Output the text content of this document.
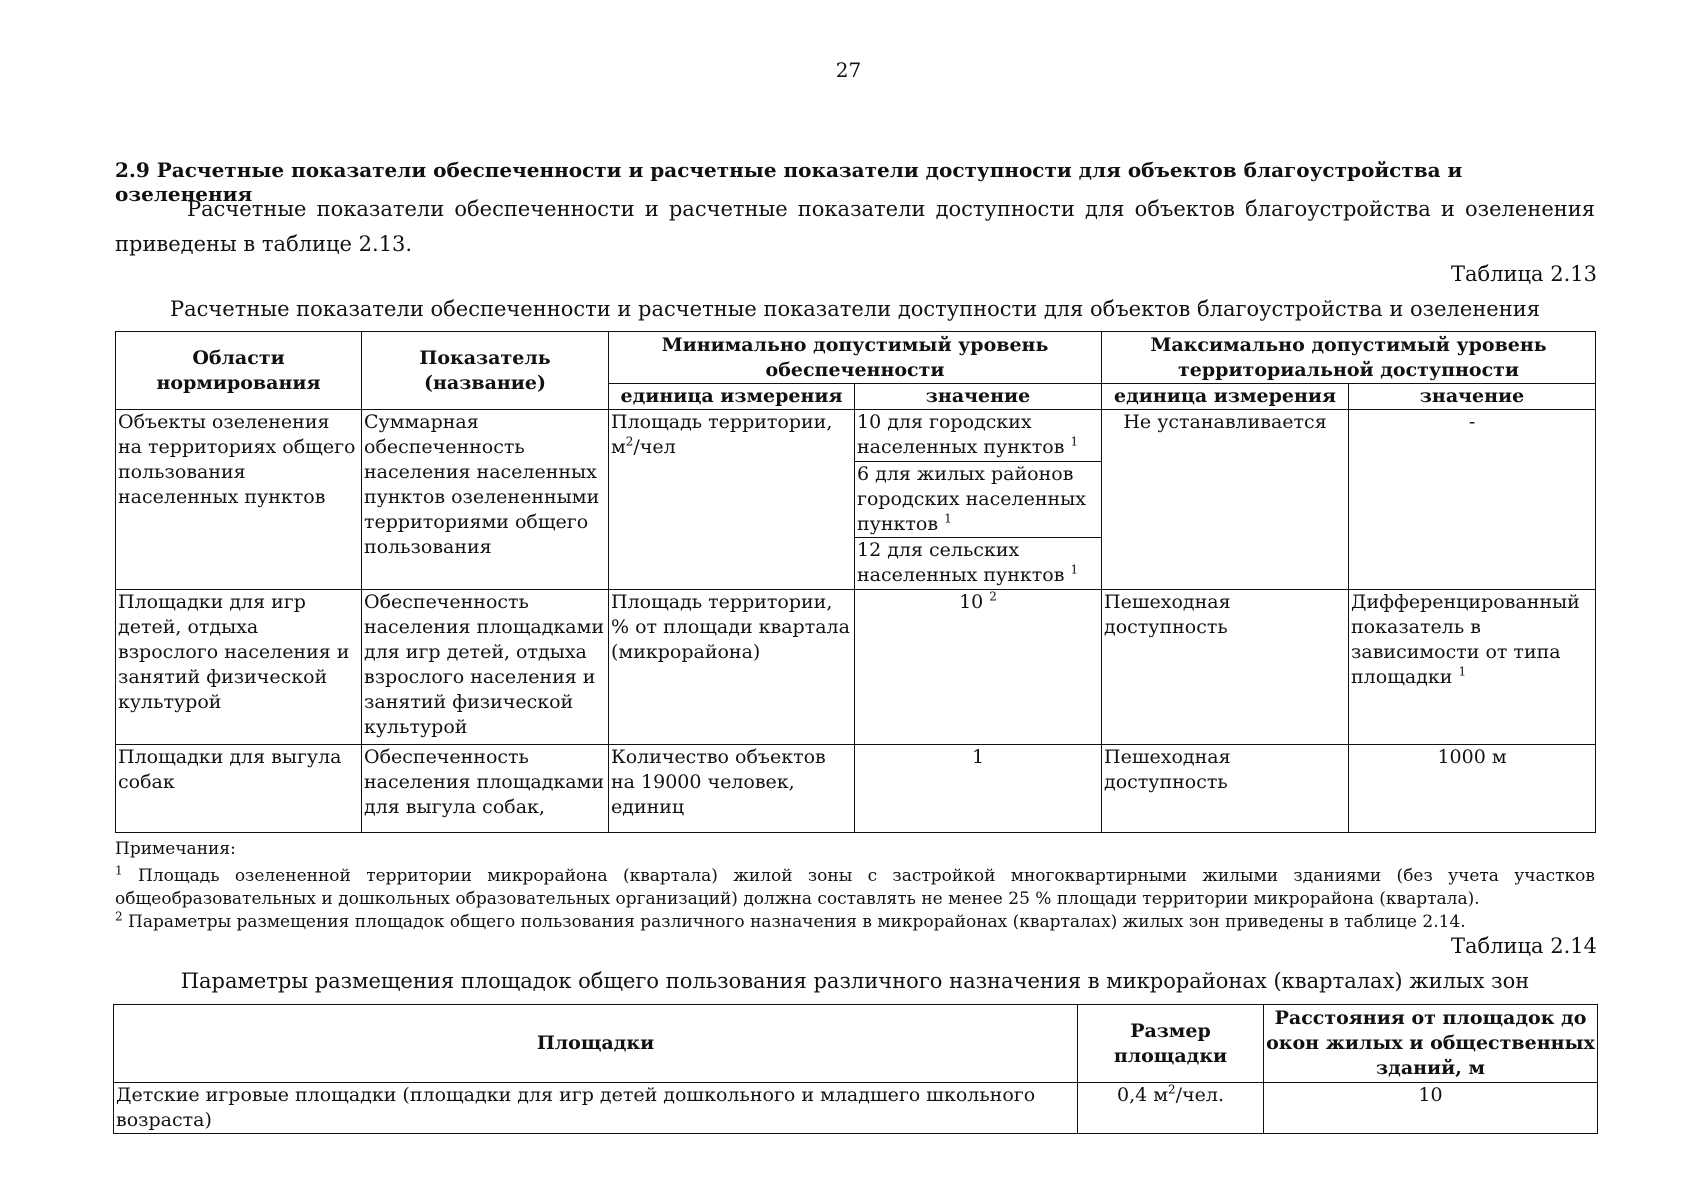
27
2.9 Расчетные показатели обеспеченности и расчетные показатели доступности для объектов благоустройства и озеленения
Расчетные показатели обеспеченности и расчетные показатели доступности для объектов благоустройства и озеленения приведены в таблице 2.13.
Таблица 2.13
Расчетные показатели обеспеченности и расчетные показатели доступности для объектов благоустройства и озеленения
Области нормирования	Показатель (название)	Минимально допустимый уровень обеспеченности		Максимально допустимый уровень территориальной доступности	
		единица измерения	значение	единица измерения	значение
Объекты озеленения на территориях общего пользования населенных пунктов	Суммарная обеспеченность населения населенных пунктов озелененными территориями общего пользования	Площадь территории, $м^2$/чел	10 для городских населенных пунктов $^1$	Не устанавливается	-
			6 для жилых районов городских населенных пунктов $^1$
			12 для сельских населенных пунктов $^1$
Площадки для игр детей, отдыха взрослого населения и занятий физической культурой	Обеспеченность населения площадками для игр детей, отдыха взрослого населения и занятий физической культурой	Площадь территории, % от площади квартала (микрорайона)	10 $^2$	Пешеходная доступность	Дифференцированный показатель в зависимости от типа площадки $^1$
Площадки для выгула собак	Обеспеченность населения площадками для выгула собак,	Количество объектов на 19000 человек, единиц	1	Пешеходная доступность	1000 м

Примечания:

$^1$ Площадь озелененной территории микрорайона (квартала) жилой зоны с застройкой многоквартирными жилыми зданиями (без учета участков общеобразовательных и дошкольных образовательных организаций) должна составлять не менее 25 % площади территории микрорайона (квартала).

$^2$ Параметры размещения площадок общего пользования различного назначения в микрорайонах (кварталах) жилых зон приведены в таблице 2.14.

Таблица 2.14
Параметры размещения площадок общего пользования различного назначения в микрорайонах (кварталах) жилых зон
Площадки	Размер площадки	Расстояния от площадок до окон жилых и общественных зданий, м
Детские игровые площадки (площадки для игр детей дошкольного и младшего школьного возраста)	0,4 $м^2$/чел.	10
